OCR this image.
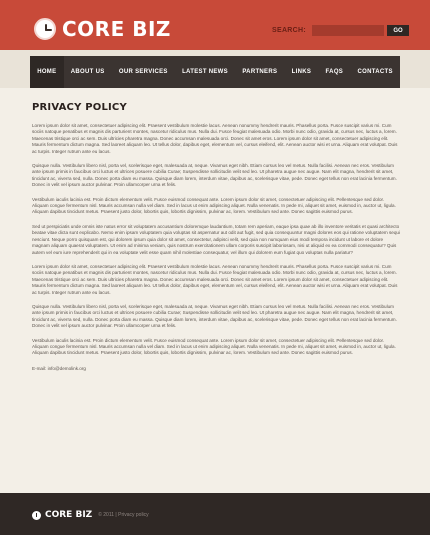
CORE BIZ	SEARCH:	GO
HOME	ABOUT US	OUR SERVICES	LATEST NEWS	PARTNERS	LINKS	FAQS	CONTACTS
PRIVACY POLICY

Lorem ipsum dolor sit amet, consectetuer adipiscing elit. Praesent vestibulum molestie lacus. Aenean nonummy hendrerit mauris. Phasellus porta. Fusce suscipit varius mi. Cum sociis natoque penatibus et magnis dis parturient montes, nascetur ridiculus mus. Nulla dui. Fusce feugiat malesuada odio. Morbi nunc odio, gravida at, cursus nec, luctus a, lorem. Maecenas tristique orci ac sem. Duis ultricies pharetra magna. Donec accumsan malesuada orci. Donec sit amet eros. Lorem ipsum dolor sit amet, consectetuer adipiscing elit. Mauris fermentum dictum magna. Sed laoreet aliquam leo. Ut tellus dolor, dapibus eget, elementum vel, cursus eleifend, elit. Aenean auctor wisi et urna. Aliquam erat volutpat. Duis ac turpis. Integer rutrum ante eu lacus.

Quisque nulla. Vestibulum libero nisl, porta vel, scelerisque eget, malesuada at, neque. Vivamus eget nibh. Etiam cursus leo vel metus. Nulla facilisi. Aenean nec eros. Vestibulum ante ipsum primis in faucibus orci luctus et ultrices posuere cubilia Curae; Suspendisse sollicitudin velit sed leo. Ut pharetra augue nec augue. Nam elit magna, hendrerit sit amet, tincidunt ac, viverra sed, nulla. Donec porta diam eu massa. Quisque diam lorem, interdum vitae, dapibus ac, scelerisque vitae, pede. Donec eget tellus non erat lacinia fermentum. Donec in velit vel ipsum auctor pulvinar. Proin ullamcorper urna et felis.

Vestibulum iaculis lacinia est. Proin dictum elementum velit. Fusce euismod consequat ante. Lorem ipsum dolor sit amet, consectetuer adipiscing elit. Pellentesque sed dolor. Aliquam congue fermentum nisl. Mauris accumsan nulla vel diam. Sed in lacus ut enim adipiscing aliquet. Nulla venenatis. In pede mi, aliquet sit amet, euismod in, auctor ut, ligula. Aliquam dapibus tincidunt metus. Praesent justo dolor, lobortis quis, lobortis dignissim, pulvinar ac, lorem. Vestibulum sed ante. Donec sagittis euismod purus.

Sed ut perspiciatis unde omnis iste natus error sit voluptatem accusantium doloremque laudantium, totam rem aperiam, eaque ipsa quae ab illo inventore veritatis et quasi architecto beatae vitae dicta sunt explicabo. Nemo enim ipsam voluptatem quia voluptas sit aspernatur aut odit aut fugit, sed quia consequuntur magni dolores eos qui ratione voluptatem sequi nesciunt. Neque porro quisquam est, qui dolorem ipsum quia dolor sit amet, consectetur, adipisci velit, sed quia non numquam eius modi tempora incidunt ut labore et dolore magnam aliquam quaerat voluptatem. Ut enim ad minima veniam, quis nostrum exercitationem ullam corporis suscipit laboriosam, nisi ut aliquid ex ea commodi consequatur? Quis autem vel eum iure reprehenderit qui in ea voluptate velit esse quam nihil molestiae consequatur, vel illum qui dolorem eum fugiat quo voluptas nulla pariatur?

Lorem ipsum dolor sit amet, consectetuer adipiscing elit. Praesent vestibulum molestie lacus. Aenean nonummy hendrerit mauris. Phasellus porta. Fusce suscipit varius mi. Cum sociis natoque penatibus et magnis dis parturient montes, nascetur ridiculus mus. Nulla dui. Fusce feugiat malesuada odio. Morbi nunc odio, gravida at, cursus nec, luctus a, lorem. Maecenas tristique orci ac sem. Duis ultricies pharetra magna. Donec accumsan malesuada orci. Donec sit amet eros. Lorem ipsum dolor sit amet, consectetuer adipiscing elit. Mauris fermentum dictum magna. Sed laoreet aliquam leo. Ut tellus dolor, dapibus eget, elementum vel, cursus eleifend, elit. Aenean auctor wisi et urna. Aliquam erat volutpat. Duis ac turpis. Integer rutrum ante eu lacus.

Quisque nulla. Vestibulum libero nisl, porta vel, scelerisque eget, malesuada at, neque. Vivamus eget nibh. Etiam cursus leo vel metus. Nulla facilisi. Aenean nec eros. Vestibulum ante ipsum primis in faucibus orci luctus et ultrices posuere cubilia Curae; Suspendisse sollicitudin velit sed leo. Ut pharetra augue nec augue. Nam elit magna, hendrerit sit amet, tincidunt ac, viverra sed, nulla. Donec porta diam eu massa. Quisque diam lorem, interdum vitae, dapibus ac, scelerisque vitae, pede. Donec eget tellus non erat lacinia fermentum. Donec in velit vel ipsum auctor pulvinar. Proin ullamcorper urna et felis.

Vestibulum iaculis lacinia est. Proin dictum elementum velit. Fusce euismod consequat ante. Lorem ipsum dolor sit amet, consectetuer adipiscing elit. Pellentesque sed dolor. Aliquam congue fermentum nisl. Mauris accumsan nulla vel diam. Sed in lacus ut enim adipiscing aliquet. Nulla venenatis. In pede mi, aliquet sit amet, euismod in, auctor ut, ligula. Aliquam dapibus tincidunt metus. Praesent justo dolor, lobortis quis, lobortis dignissim, pulvinar ac, lorem. Vestibulum sed ante. Donec sagittis euismod purus.

E-mail: info@demolink.org

CORE BIZ © 2011 | Privacy policy
